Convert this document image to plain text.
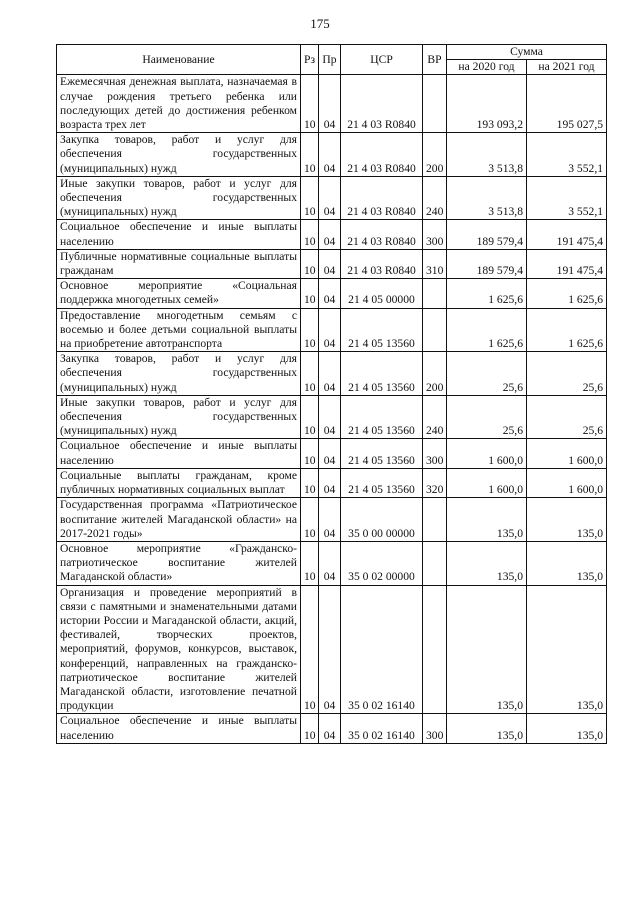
175
Наименование	Рз	Пр	ЦСР	ВР	Сумма	
					на 2020 год	на 2021 год
Ежемесячная денежная выплата, назначаемая в случае рождения третьего ребенка или последующих детей до достижения ребенком возраста трех лет	10	04	21 4 03 R0840		193 093,2	195 027,5
Закупка товаров, работ и услуг для обеспечения государственных (муниципальных) нужд	10	04	21 4 03 R0840	200	3 513,8	3 552,1
Иные закупки товаров, работ и услуг для обеспечения государственных (муниципальных) нужд	10	04	21 4 03 R0840	240	3 513,8	3 552,1
Социальное обеспечение и иные выплаты населению	10	04	21 4 03 R0840	300	189 579,4	191 475,4
Публичные нормативные социальные выплаты гражданам	10	04	21 4 03 R0840	310	189 579,4	191 475,4
Основное мероприятие «Социальная поддержка многодетных семей»	10	04	21 4 05 00000		1 625,6	1 625,6
Предоставление многодетным семьям с восемью и более детьми социальной выплаты на приобретение автотранспорта	10	04	21 4 05 13560		1 625,6	1 625,6
Закупка товаров, работ и услуг для обеспечения государственных (муниципальных) нужд	10	04	21 4 05 13560	200	25,6	25,6
Иные закупки товаров, работ и услуг для обеспечения государственных (муниципальных) нужд	10	04	21 4 05 13560	240	25,6	25,6
Социальное обеспечение и иные выплаты населению	10	04	21 4 05 13560	300	1 600,0	1 600,0
Социальные выплаты гражданам, кроме публичных нормативных социальных выплат	10	04	21 4 05 13560	320	1 600,0	1 600,0
Государственная программа «Патриотическое воспитание жителей Магаданской области» на 2017-2021 годы»	10	04	35 0 00 00000		135,0	135,0
Основное мероприятие «Гражданско-патриотическое воспитание жителей Магаданской области»	10	04	35 0 02 00000		135,0	135,0
Организация и проведение мероприятий в связи с памятными и знаменательными датами истории России и Магаданской области, акций, фестивалей, творческих проектов, мероприятий, форумов, конкурсов, выставок, конференций, направленных на гражданско-патриотическое воспитание жителей Магаданской области, изготовление печатной продукции	10	04	35 0 02 16140		135,0	135,0
Социальное обеспечение и иные выплаты населению	10	04	35 0 02 16140	300	135,0	135,0
